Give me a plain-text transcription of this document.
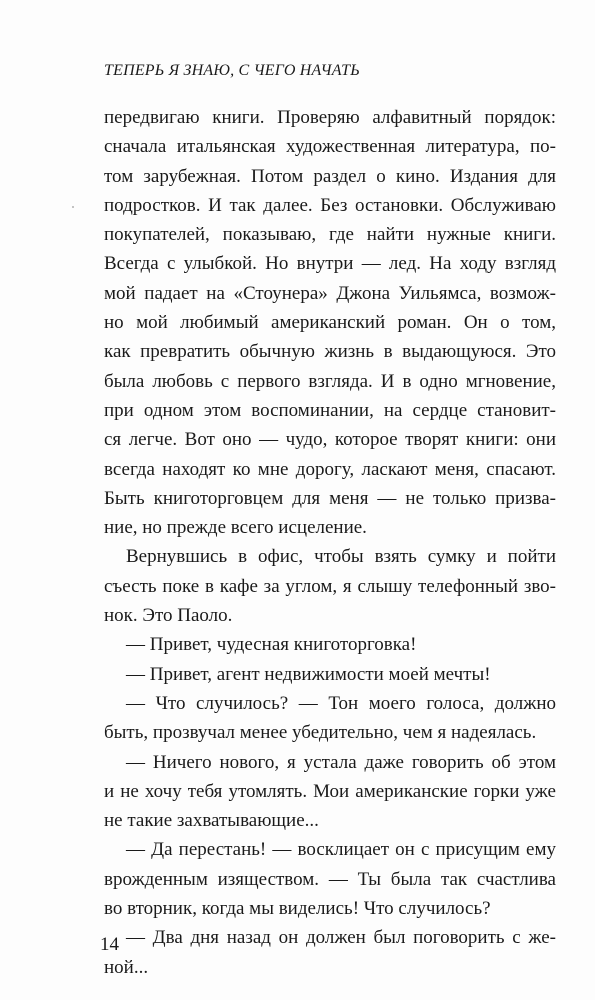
ТЕПЕРЬ Я ЗНАЮ, С ЧЕГО НАЧАТЬ
передвигаю книги. Проверяю алфавитный порядок:
сначала итальянская художественная литература, по-
том зарубежная. Потом раздел о кино. Издания для
подростков. И так далее. Без остановки. Обслуживаю
покупателей, показываю, где найти нужные книги.
Всегда с улыбкой. Но внутри — лед. На ходу взгляд
мой падает на «Стоунера» Джона Уильямса, возмож-
но мой любимый американский роман. Он о том,
как превратить обычную жизнь в выдающуюся. Это
была любовь с первого взгляда. И в одно мгновение,
при одном этом воспоминании, на сердце становит-
ся легче. Вот оно — чудо, которое творят книги: они
всегда находят ко мне дорогу, ласкают меня, спасают.
Быть книготорговцем для меня — не только призва-
ние, но прежде всего исцеление.
Вернувшись в офис, чтобы взять сумку и пойти
съесть поке в кафе за углом, я слышу телефонный зво-
нок. Это Паоло.
— Привет, чудесная книготорговка!
— Привет, агент недвижимости моей мечты!
— Что случилось? — Тон моего голоса, должно
быть, прозвучал менее убедительно, чем я надеялась.
— Ничего нового, я устала даже говорить об этом
и не хочу тебя утомлять. Мои американские горки уже
не такие захватывающие...
— Да перестань! — восклицает он с присущим ему
врожденным изяществом. — Ты была так счастлива
во вторник, когда мы виделись! Что случилось?
— Два дня назад он должен был поговорить с же-
ной...
14
